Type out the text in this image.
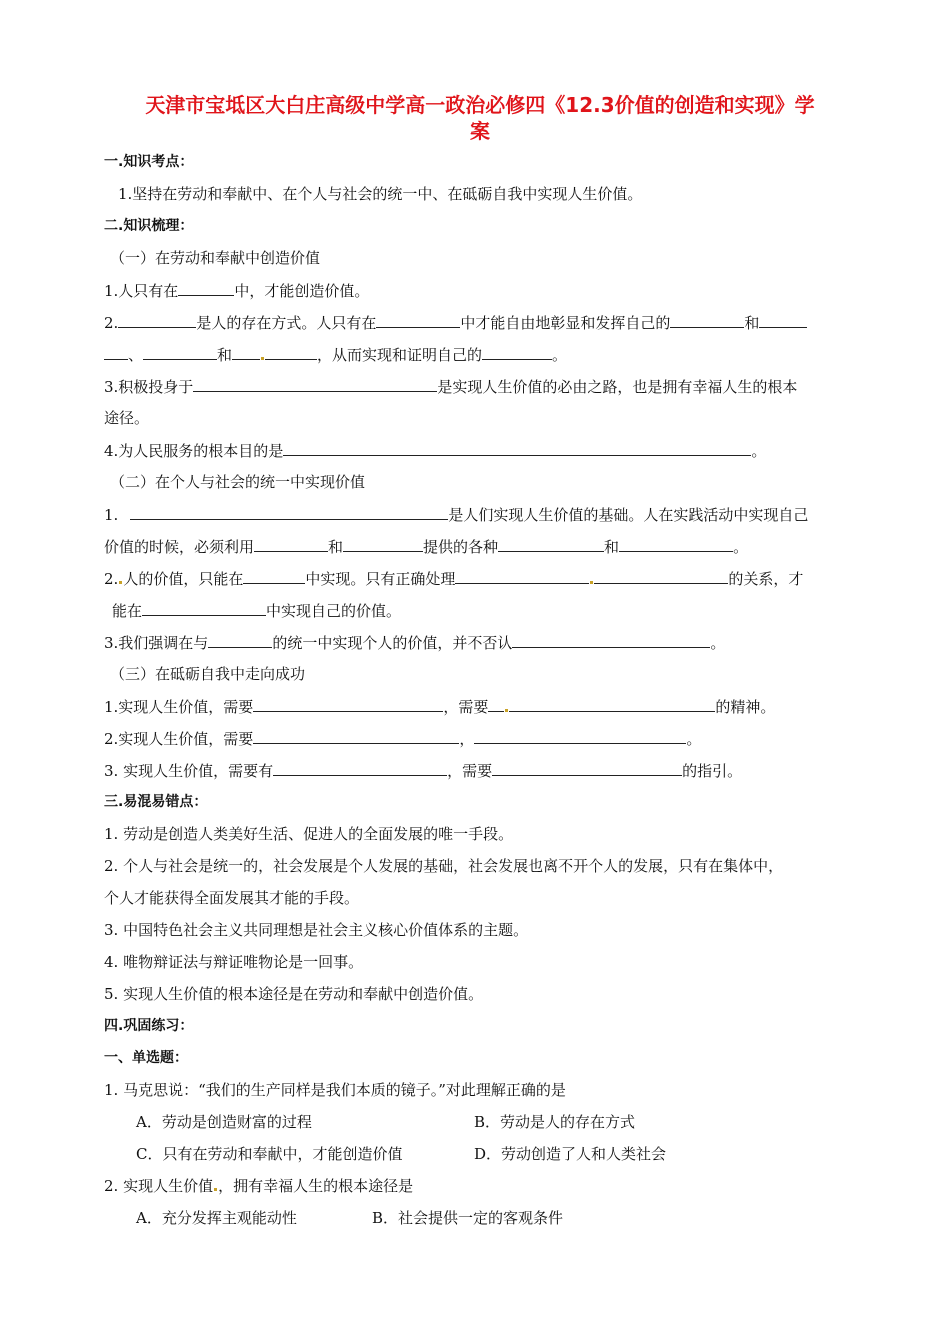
天津市宝坻区大白庄高级中学高一政治必修四《12.3价值的创造和实现》学
案
一.知识考点：
1.坚持在劳动和奉献中、在个人与社会的统一中、在砥砺自我中实现人生价值。
二.知识梳理：
（一）在劳动和奉献中创造价值
1.人只有在	中，才能创造价值。
2.	是人的存在方式。人只有在	中才能自由地彰显和发挥自己的	和
、	和	，从而实现和证明自己的	。
3.积极投身于	是实现人生价值的必由之路，也是拥有幸福人生的根本
途径。
4.为人民服务的根本目的是	。
（二）在个人与社会的统一中实现价值
1.	是人们实现人生价值的基础。人在实践活动中实现自己
价值的时候，必须利用	和	提供的各种	和	。
2. 人的价值，只能在	中实现。只有正确处理	的关系，才
能在	中实现自己的价值。
3.我们强调在与	的统一中实现个人的价值，并不否认	。
（三）在砥砺自我中走向成功
1.实现人生价值，需要	，需要	的精神。
2.实现人生价值，需要	，	。
3. 实现人生价值，需要有	，需要	的指引。
三.易混易错点：
1. 劳动是创造人类美好生活、促进人的全面发展的唯一手段。
2. 个人与社会是统一的，社会发展是个人发展的基础，社会发展也离不开个人的发展，只有在集体中，
个人才能获得全面发展其才能的手段。
3. 中国特色社会主义共同理想是社会主义核心价值体系的主题。
4. 唯物辩证法与辩证唯物论是一回事。
5. 实现人生价值的根本途径是在劳动和奉献中创造价值。
四.巩固练习：
一、单选题：
1. 马克思说：“我们的生产同样是我们本质的镜子。”对此理解正确的是
A．劳动是创造财富的过程	B．劳动是人的存在方式
C．只有在劳动和奉献中，才能创造价值	D．劳动创造了人和人类社会
2. 实现人生价值 ，拥有幸福人生的根本途径是
A．充分发挥主观能动性	B．社会提供一定的客观条件
